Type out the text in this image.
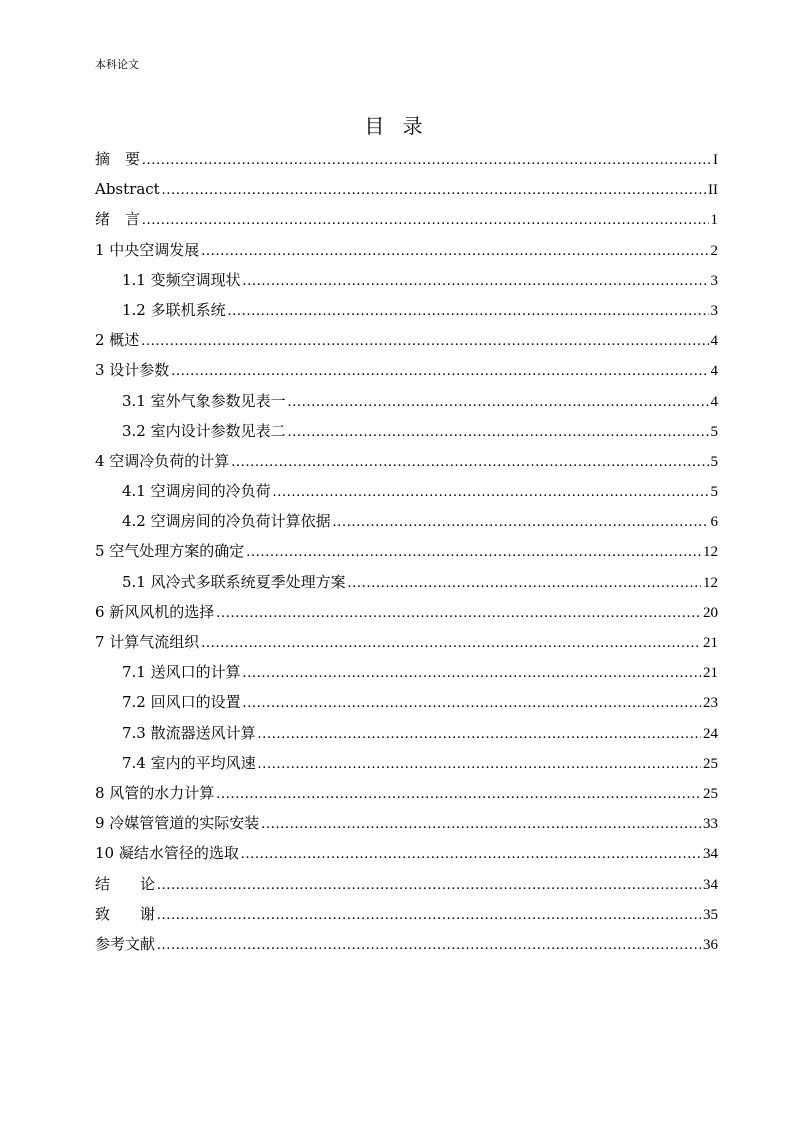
本科论文
目 录
摘　要 .....	I
Abstract .....	II
绪　言 .....	1
1 中央空调发展 .....	2
1.1 变频空调现状 .....	3
1.2 多联机系统 .....	3
2 概述 .....	4
3 设计参数 .....	4
3.1 室外气象参数见表一 .....	4
3.2 室内设计参数见表二 .....	5
4 空调冷负荷的计算 .....	5
4.1 空调房间的冷负荷 .....	5
4.2 空调房间的冷负荷计算依据 .....	6
5 空气处理方案的确定 .....	12
5.1 风冷式多联系统夏季处理方案 .....	12
6 新风风机的选择 .....	20
7 计算气流组织 .....	21
7.1 送风口的计算 .....	21
7.2 回风口的设置 .....	23
7.3 散流器送风计算 .....	24
7.4 室内的平均风速 .....	25
8 风管的水力计算 .....	25
9 冷媒管管道的实际安装 .....	33
10 凝结水管径的选取 .....	34
结　　论 .....	34
致　　谢 .....	35
参考文献 .....	36
